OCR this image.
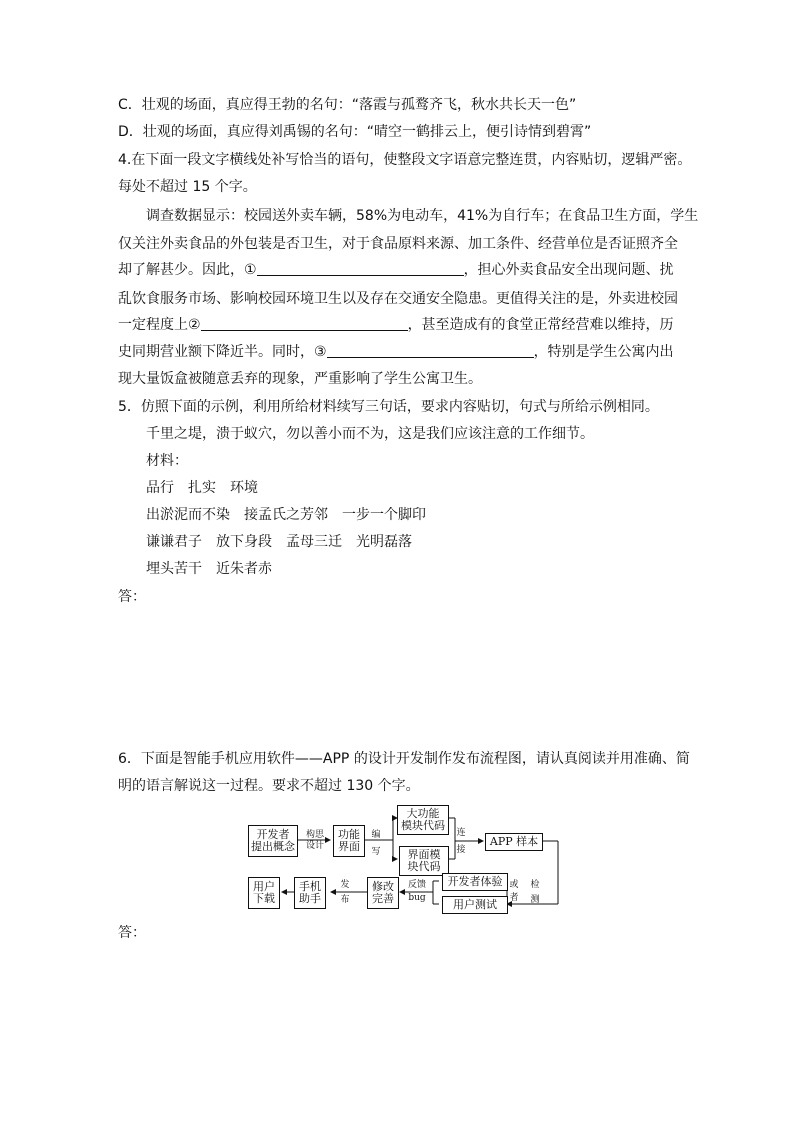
C．壮观的场面，真应得王勃的名句：“落霞与孤鹜齐飞，秋水共长天一色”
D．壮观的场面，真应得刘禹锡的名句：“晴空一鹤排云上，便引诗情到碧霄”
4.在下面一段文字横线处补写恰当的语句，使整段文字语意完整连贯，内容贴切，逻辑严密。
每处不超过 15 个字。
调查数据显示：校园送外卖车辆，58%为电动车，41%为自行车；在食品卫生方面，学生
仅关注外卖食品的外包装是否卫生，对于食品原料来源、加工条件、经营单位是否证照齐全
却了解甚少。因此，①	，担心外卖食品安全出现问题、扰
乱饮食服务市场、影响校园环境卫生以及存在交通安全隐患。更值得关注的是，外卖进校园
一定程度上②	，甚至造成有的食堂正常经营难以维持，历
史同期营业额下降近半。同时，③	，特别是学生公寓内出
现大量饭盒被随意丢弃的现象，严重影响了学生公寓卫生。
5．仿照下面的示例，利用所给材料续写三句话，要求内容贴切，句式与所给示例相同。
千里之堤，溃于蚁穴，勿以善小而不为，这是我们应该注意的工作细节。
材料：
品行　扎实　环境
出淤泥而不染　接孟氏之芳邻　一步一个脚印
谦谦君子　放下身段　孟母三迁　光明磊落
埋头苦干　近朱者赤
答：
6．下面是智能手机应用软件——APP 的设计开发制作发布流程图，请认真阅读并用准确、简
明的语言解说这一过程。要求不超过 130 个字。
开发者
提出概念
构思
设计
功能
界面
编
写
大功能
模块代码
界面模
块代码
连
接
APP 样本
检
测
或
者
开发者体验
用户测试
反馈
bug
修改
完善
发
布
手机
助手
用户
下载
答：
